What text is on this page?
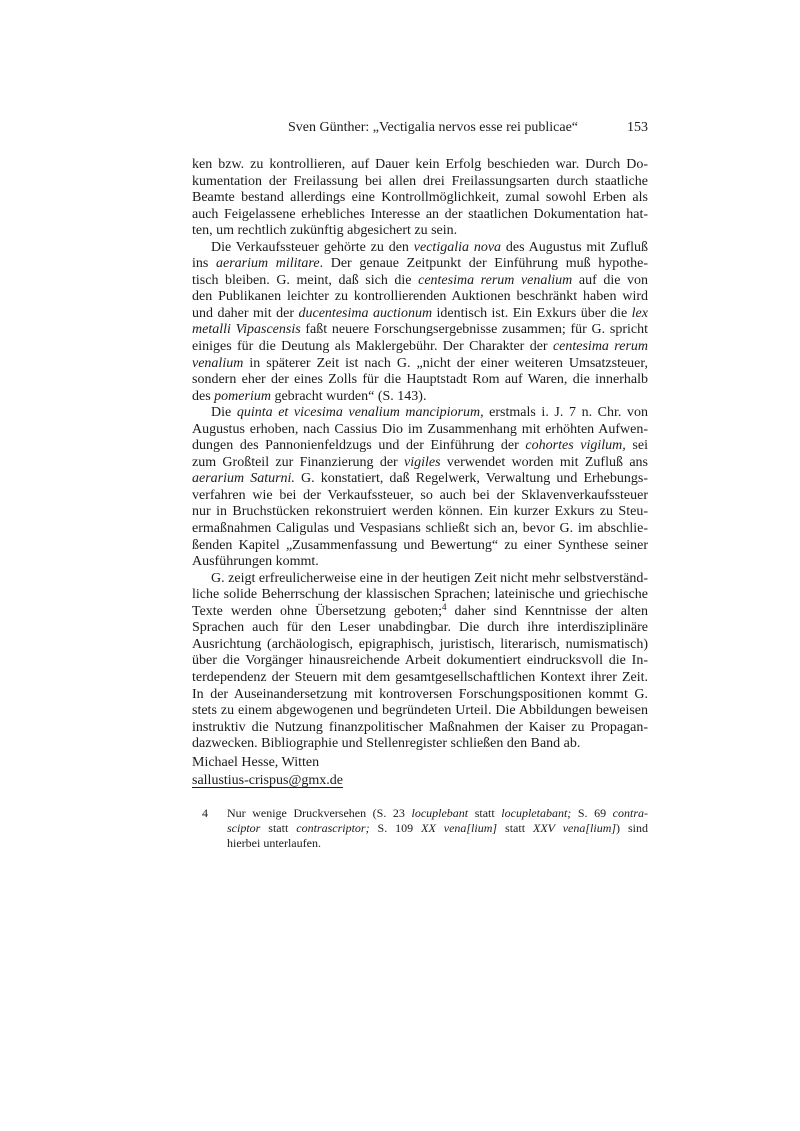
Sven Günther: „Vectigalia nervos esse rei publicae“	153
ken bzw. zu kontrollieren, auf Dauer kein Erfolg beschieden war. Durch Do-
kumentation der Freilassung bei allen drei Freilassungsarten durch staatliche
Beamte bestand allerdings eine Kontrollmöglichkeit, zumal sowohl Erben als
auch Feigelassene erhebliches Interesse an der staatlichen Dokumentation hat-
ten, um rechtlich zukünftig abgesichert zu sein.
Die Verkaufssteuer gehörte zu den vectigalia nova des Augustus mit Zufluß
ins aerarium militare. Der genaue Zeitpunkt der Einführung muß hypothe-
tisch bleiben. G. meint, daß sich die centesima rerum venalium auf die von
den Publikanen leichter zu kontrollierenden Auktionen beschränkt haben wird
und daher mit der ducentesima auctionum identisch ist. Ein Exkurs über die lex
metalli Vipascensis faßt neuere Forschungsergebnisse zusammen; für G. spricht
einiges für die Deutung als Maklergebühr. Der Charakter der centesima rerum
venalium in späterer Zeit ist nach G. „nicht der einer weiteren Umsatzsteuer,
sondern eher der eines Zolls für die Hauptstadt Rom auf Waren, die innerhalb
des pomerium gebracht wurden“ (S. 143).
Die quinta et vicesima venalium mancipiorum, erstmals i. J. 7 n. Chr. von
Augustus erhoben, nach Cassius Dio im Zusammenhang mit erhöhten Aufwen-
dungen des Pannonienfeldzugs und der Einführung der cohortes vigilum, sei
zum Großteil zur Finanzierung der vigiles verwendet worden mit Zufluß ans
aerarium Saturni. G. konstatiert, daß Regelwerk, Verwaltung und Erhebungs-
verfahren wie bei der Verkaufssteuer, so auch bei der Sklavenverkaufssteuer
nur in Bruchstücken rekonstruiert werden können. Ein kurzer Exkurs zu Steu-
ermaßnahmen Caligulas und Vespasians schließt sich an, bevor G. im abschlie-
ßenden Kapitel „Zusammenfassung und Bewertung“ zu einer Synthese seiner
Ausführungen kommt.
G. zeigt erfreulicherweise eine in der heutigen Zeit nicht mehr selbstverständ-
liche solide Beherrschung der klassischen Sprachen; lateinische und griechische
Texte werden ohne Übersetzung geboten;$^4$ daher sind Kenntnisse der alten
Sprachen auch für den Leser unabdingbar. Die durch ihre interdisziplinäre
Ausrichtung (archäologisch, epigraphisch, juristisch, literarisch, numismatisch)
über die Vorgänger hinausreichende Arbeit dokumentiert eindrucksvoll die In-
terdependenz der Steuern mit dem gesamtgesellschaftlichen Kontext ihrer Zeit.
In der Auseinandersetzung mit kontroversen Forschungspositionen kommt G.
stets zu einem abgewogenen und begründeten Urteil. Die Abbildungen beweisen
instruktiv die Nutzung finanzpolitischer Maßnahmen der Kaiser zu Propagan-
dazwecken. Bibliographie und Stellenregister schließen den Band ab.
Michael Hesse, Witten
sallustius-crispus@gmx.de
4 Nur wenige Druckversehen (S. 23 locuplebant statt locupletabant; S. 69 contra-
sciptor statt contrascriptor; S. 109 XX vena[lium] statt XXV vena[lium]) sind
hierbei unterlaufen.
